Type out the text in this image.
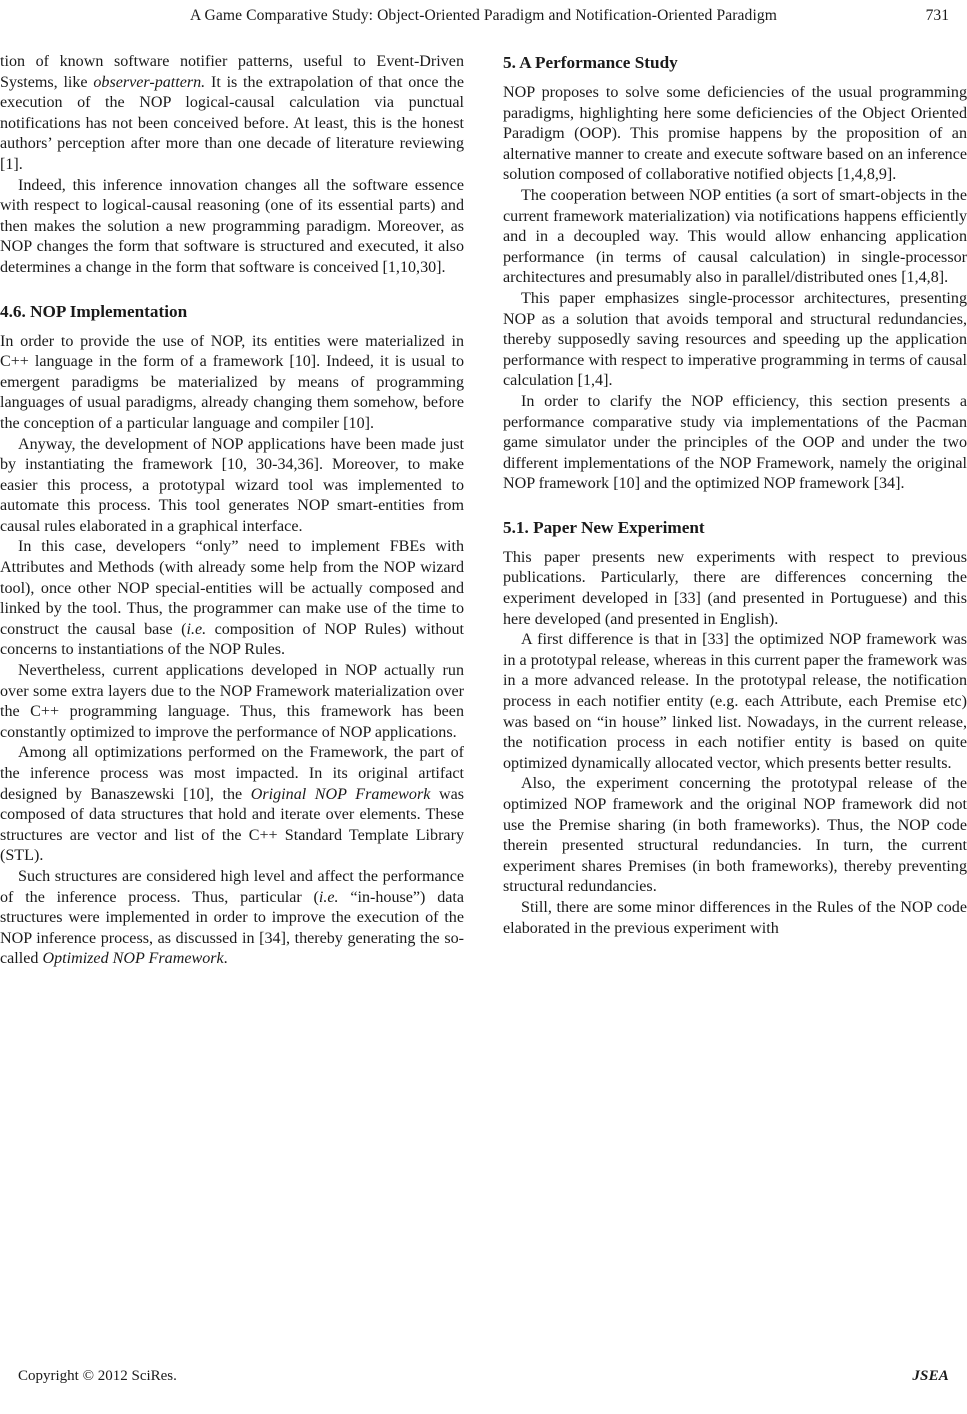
A Game Comparative Study: Object-Oriented Paradigm and Notification-Oriented Paradigm	731

tion of known software notifier patterns, useful to Event-Driven Systems, like observer-pattern. It is the extrapolation of that once the execution of the NOP logical-causal calculation via punctual notifications has not been conceived before. At least, this is the honest authors’ perception after more than one decade of literature reviewing [1].

Indeed, this inference innovation changes all the software essence with respect to logical-causal reasoning (one of its essential parts) and then makes the solution a new programming paradigm. Moreover, as NOP changes the form that software is structured and executed, it also determines a change in the form that software is conceived [1,10,30].

4.6. NOP Implementation

In order to provide the use of NOP, its entities were materialized in C++ language in the form of a framework [10]. Indeed, it is usual to emergent paradigms be materialized by means of programming languages of usual paradigms, already changing them somehow, before the conception of a particular language and compiler [10].

Anyway, the development of NOP applications have been made just by instantiating the framework [10, 30-34,36]. Moreover, to make easier this process, a prototypal wizard tool was implemented to automate this process. This tool generates NOP smart-entities from causal rules elaborated in a graphical interface.

In this case, developers “only” need to implement FBEs with Attributes and Methods (with already some help from the NOP wizard tool), once other NOP special-entities will be actually composed and linked by the tool. Thus, the programmer can make use of the time to construct the causal base (i.e. composition of NOP Rules) without concerns to instantiations of the NOP Rules.

Nevertheless, current applications developed in NOP actually run over some extra layers due to the NOP Framework materialization over the C++ programming language. Thus, this framework has been constantly optimized to improve the performance of NOP applications.

Among all optimizations performed on the Framework, the part of the inference process was most impacted. In its original artifact designed by Banaszewski [10], the Original NOP Framework was composed of data structures that hold and iterate over elements. These structures are vector and list of the C++ Standard Template Library (STL).

Such structures are considered high level and affect the performance of the inference process. Thus, particular (i.e. “in-house”) data structures were implemented in order to improve the execution of the NOP inference process, as discussed in [34], thereby generating the so-called Optimized NOP Framework.

5. A Performance Study

NOP proposes to solve some deficiencies of the usual programming paradigms, highlighting here some deficiencies of the Object Oriented Paradigm (OOP). This promise happens by the proposition of an alternative manner to create and execute software based on an inference solution composed of collaborative notified objects [1,4,8,9].

The cooperation between NOP entities (a sort of smart-objects in the current framework materialization) via notifications happens efficiently and in a decoupled way. This would allow enhancing application performance (in terms of causal calculation) in single-processor architectures and presumably also in parallel/distributed ones [1,4,8].

This paper emphasizes single-processor architectures, presenting NOP as a solution that avoids temporal and structural redundancies, thereby supposedly saving resources and speeding up the application performance with respect to imperative programming in terms of causal calculation [1,4].

In order to clarify the NOP efficiency, this section presents a performance comparative study via implementations of the Pacman game simulator under the principles of the OOP and under the two different implementations of the NOP Framework, namely the original NOP framework [10] and the optimized NOP framework [34].

5.1. Paper New Experiment

This paper presents new experiments with respect to previous publications. Particularly, there are differences concerning the experiment developed in [33] (and presented in Portuguese) and this here developed (and presented in English).

A first difference is that in [33] the optimized NOP framework was in a prototypal release, whereas in this current paper the framework was in a more advanced release. In the prototypal release, the notification process in each notifier entity (e.g. each Attribute, each Premise etc) was based on “in house” linked list. Nowadays, in the current release, the notification process in each notifier entity is based on quite optimized dynamically allocated vector, which presents better results.

Also, the experiment concerning the prototypal release of the optimized NOP framework and the original NOP framework did not use the Premise sharing (in both frameworks). Thus, the NOP code therein presented structural redundancies. In turn, the current experiment shares Premises (in both frameworks), thereby preventing structural redundancies.

Still, there are some minor differences in the Rules of the NOP code elaborated in the previous experiment with

Copyright © 2012 SciRes.	JSEA
